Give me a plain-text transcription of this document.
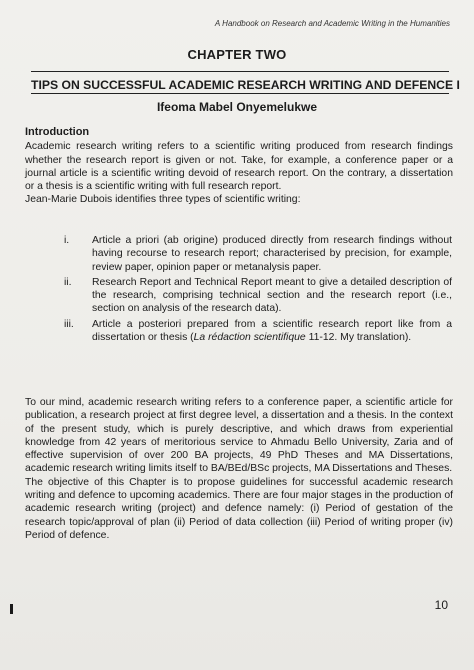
A Handbook on Research and Academic Writing in the Humanities
CHAPTER TWO
TIPS ON SUCCESSFUL ACADEMIC RESEARCH WRITING AND DEFENCE I
Ifeoma Mabel Onyemelukwe
Introduction

Academic research writing refers to a scientific writing produced from research findings whether the research report is given or not. Take, for example, a conference paper or a journal article is a scientific writing devoid of research report. On the contrary, a dissertation or a thesis is a scientific writing with full research report.

Jean-Marie Dubois identifies three types of scientific writing:

i. Article a priori (ab origine) produced directly from research findings without having recourse to research report; characterised by precision, for example, review paper, opinion paper or metanalysis paper.
ii. Research Report and Technical Report meant to give a detailed description of the research, comprising technical section and the research report (i.e., section on analysis of the research data).
iii. Article a posteriori prepared from a scientific research report like from a dissertation or thesis (La rédaction scientifique 11-12. My translation).

To our mind, academic research writing refers to a conference paper, a scientific article for publication, a research project at first degree level, a dissertation and a thesis. In the context of the present study, which is purely descriptive, and which draws from experiential knowledge from 42 years of meritorious service to Ahmadu Bello University, Zaria and of effective supervision of over 200 BA projects, 49 PhD Theses and MA Dissertations, academic research writing limits itself to BA/BEd/BSc projects, MA Dissertations and Theses.

The objective of this Chapter is to propose guidelines for successful academic research writing and defence to upcoming academics. There are four major stages in the production of academic research writing (project) and defence namely: (i) Period of gestation of the research topic/approval of plan (ii) Period of data collection (iii) Period of writing proper (iv) Period of defence.

10
